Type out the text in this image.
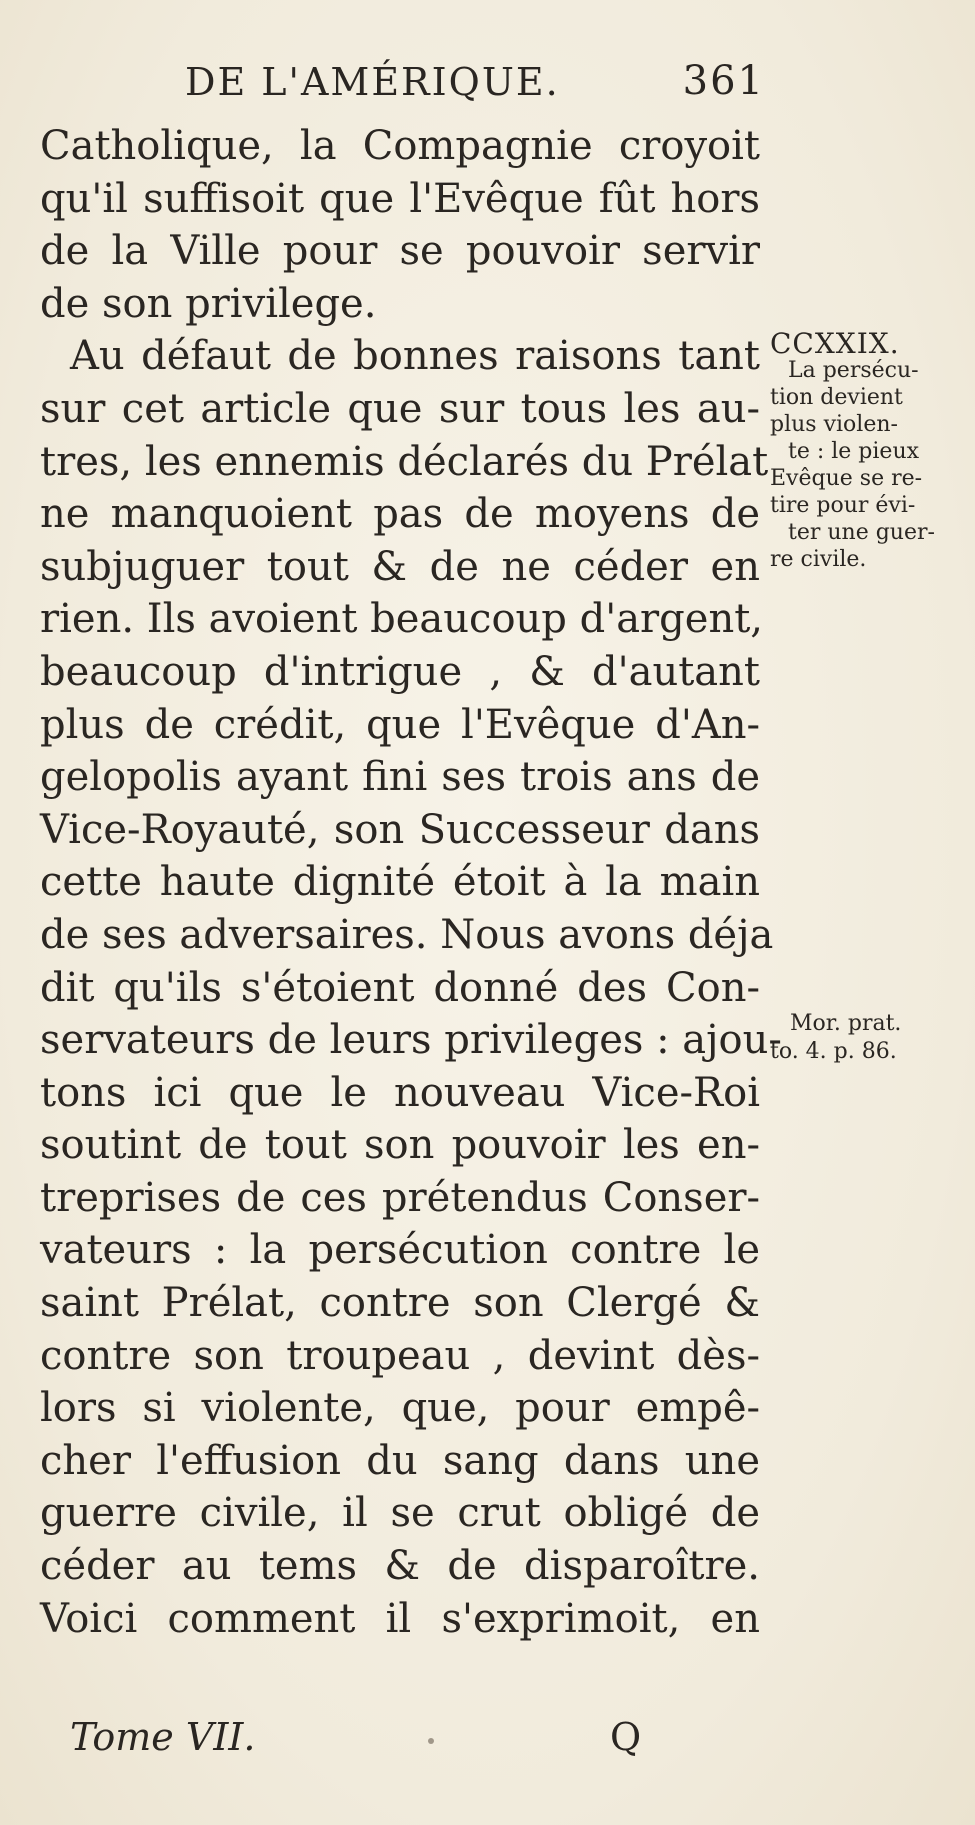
DE L'AMÉRIQUE.	361
Catholique, la Compagnie croyoit
qu'il suffisoit que l'Evêque fût hors
de la Ville pour se pouvoir servir
de son privilege.
Au défaut de bonnes raisons tant
sur cet article que sur tous les au-
tres, les ennemis déclarés du Prélat
ne manquoient pas de moyens de
subjuguer tout & de ne céder en
rien. Ils avoient beaucoup d'argent,
beaucoup d'intrigue , & d'autant
plus de crédit, que l'Evêque d'An-
gelopolis ayant fini ses trois ans de
Vice-Royauté, son Successeur dans
cette haute dignité étoit à la main
de ses adversaires. Nous avons déja
dit qu'ils s'étoient donné des Con-
servateurs de leurs privileges : ajou-
tons ici que le nouveau Vice-Roi
soutint de tout son pouvoir les en-
treprises de ces prétendus Conser-
vateurs : la persécution contre le
saint Prélat, contre son Clergé &
contre son troupeau , devint dès-
lors si violente, que, pour empê-
cher l'effusion du sang dans une
guerre civile, il se crut obligé de
céder au tems & de disparoître.
Voici comment il s'exprimoit, en
CCXXIX.
La persécu-
tion devient
plus violen-
te : le pieux
Evêque se re-
tire pour évi-
ter une guer-
re civile.
Mor. prat.
to. 4. p. 86.
Tome VII.	Q
